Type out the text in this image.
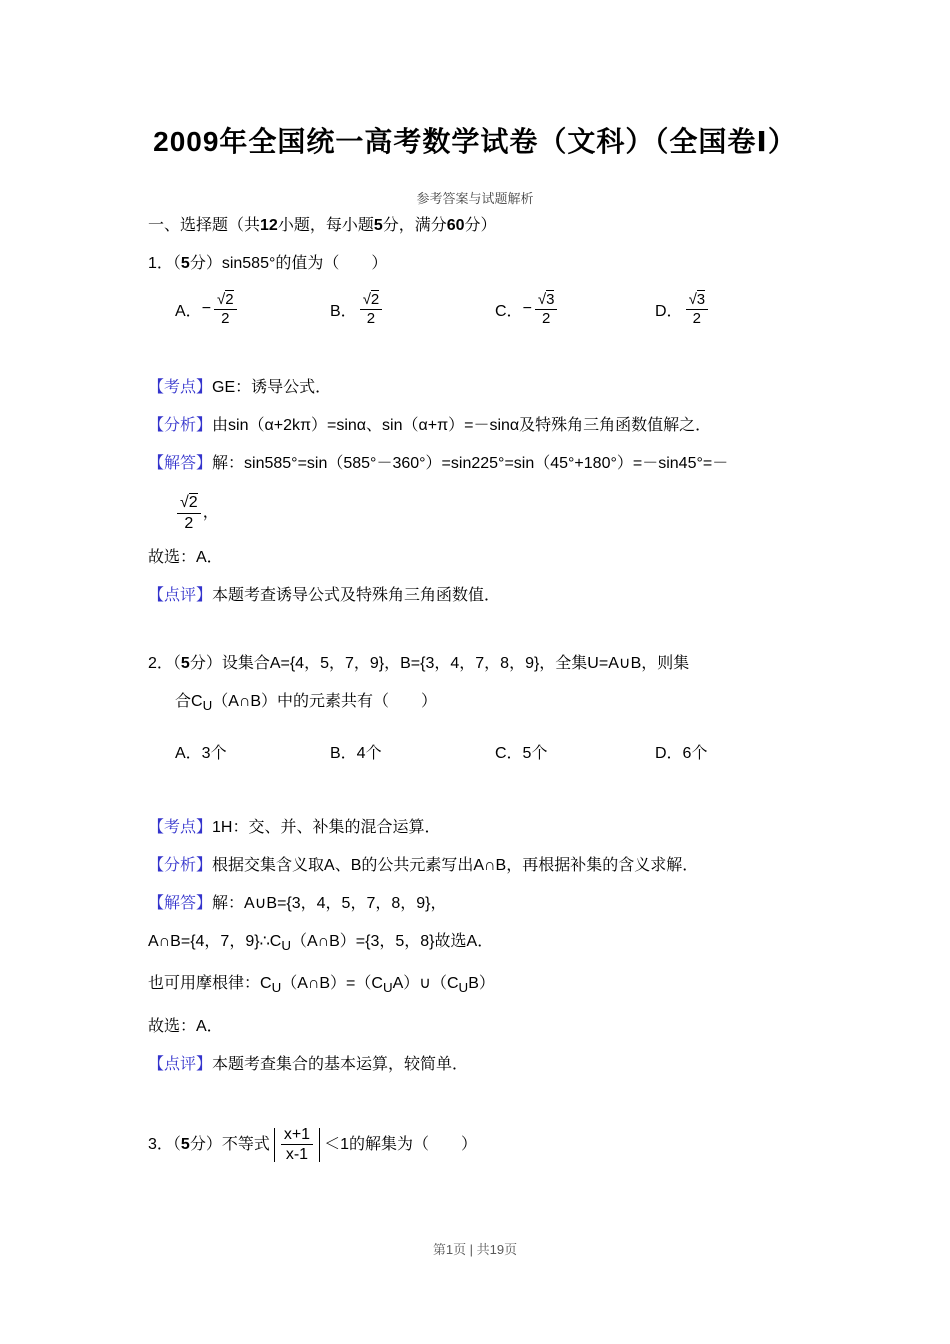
2009年全国统一高考数学试卷（文科）（全国卷Ⅰ）
参考答案与试题解析
一、选择题（共12小题，每小题5分，满分60分）

1．（5分）sin585°的值为（　　）

A． − $\frac{√2}{2}$	B． $\frac{√2}{2}$	C． − $\frac{√3}{2}$	D． $\frac{√3}{2}$

【考点】GE：诱导公式．

【分析】由sin（α+2kπ）=sinα、sin（α+π）=－sinα及特殊角三角函数值解之．

【解答】解：sin585°=sin（585°－360°）=sin225°=sin（45°+180°）=－sin45°=－

$\frac{√2}{2}$ ，

故选：A．

【点评】本题考查诱导公式及特殊角三角函数值．

2．（5分）设集合A={4，5，7，9}，B={3，4，7，8，9}，全集U=A∪B，则集

合$C_U(A\cap B)$中的元素共有（　　）

A．3个	B．4个	C．5个	D．6个

【考点】1H：交、并、补集的混合运算．

【分析】根据交集含义取A、B的公共元素写出A∩B，再根据补集的含义求解．

【解答】解：A∪B={3，4，5，7，8，9}，

A∩B={4，7，$9\}\therefore C_U(A\cap B)=\{3$，5，8}故选A．

也可用摩根律：$C_U(A\cap B)=(C_UA)\cup(C_UB)$

故选：A．

【点评】本题考查集合的基本运算，较简单．

3．（ 5 分）不等式 $\frac{x+1}{x-1} <1$的解集为（　　）

第1页 | 共19页
